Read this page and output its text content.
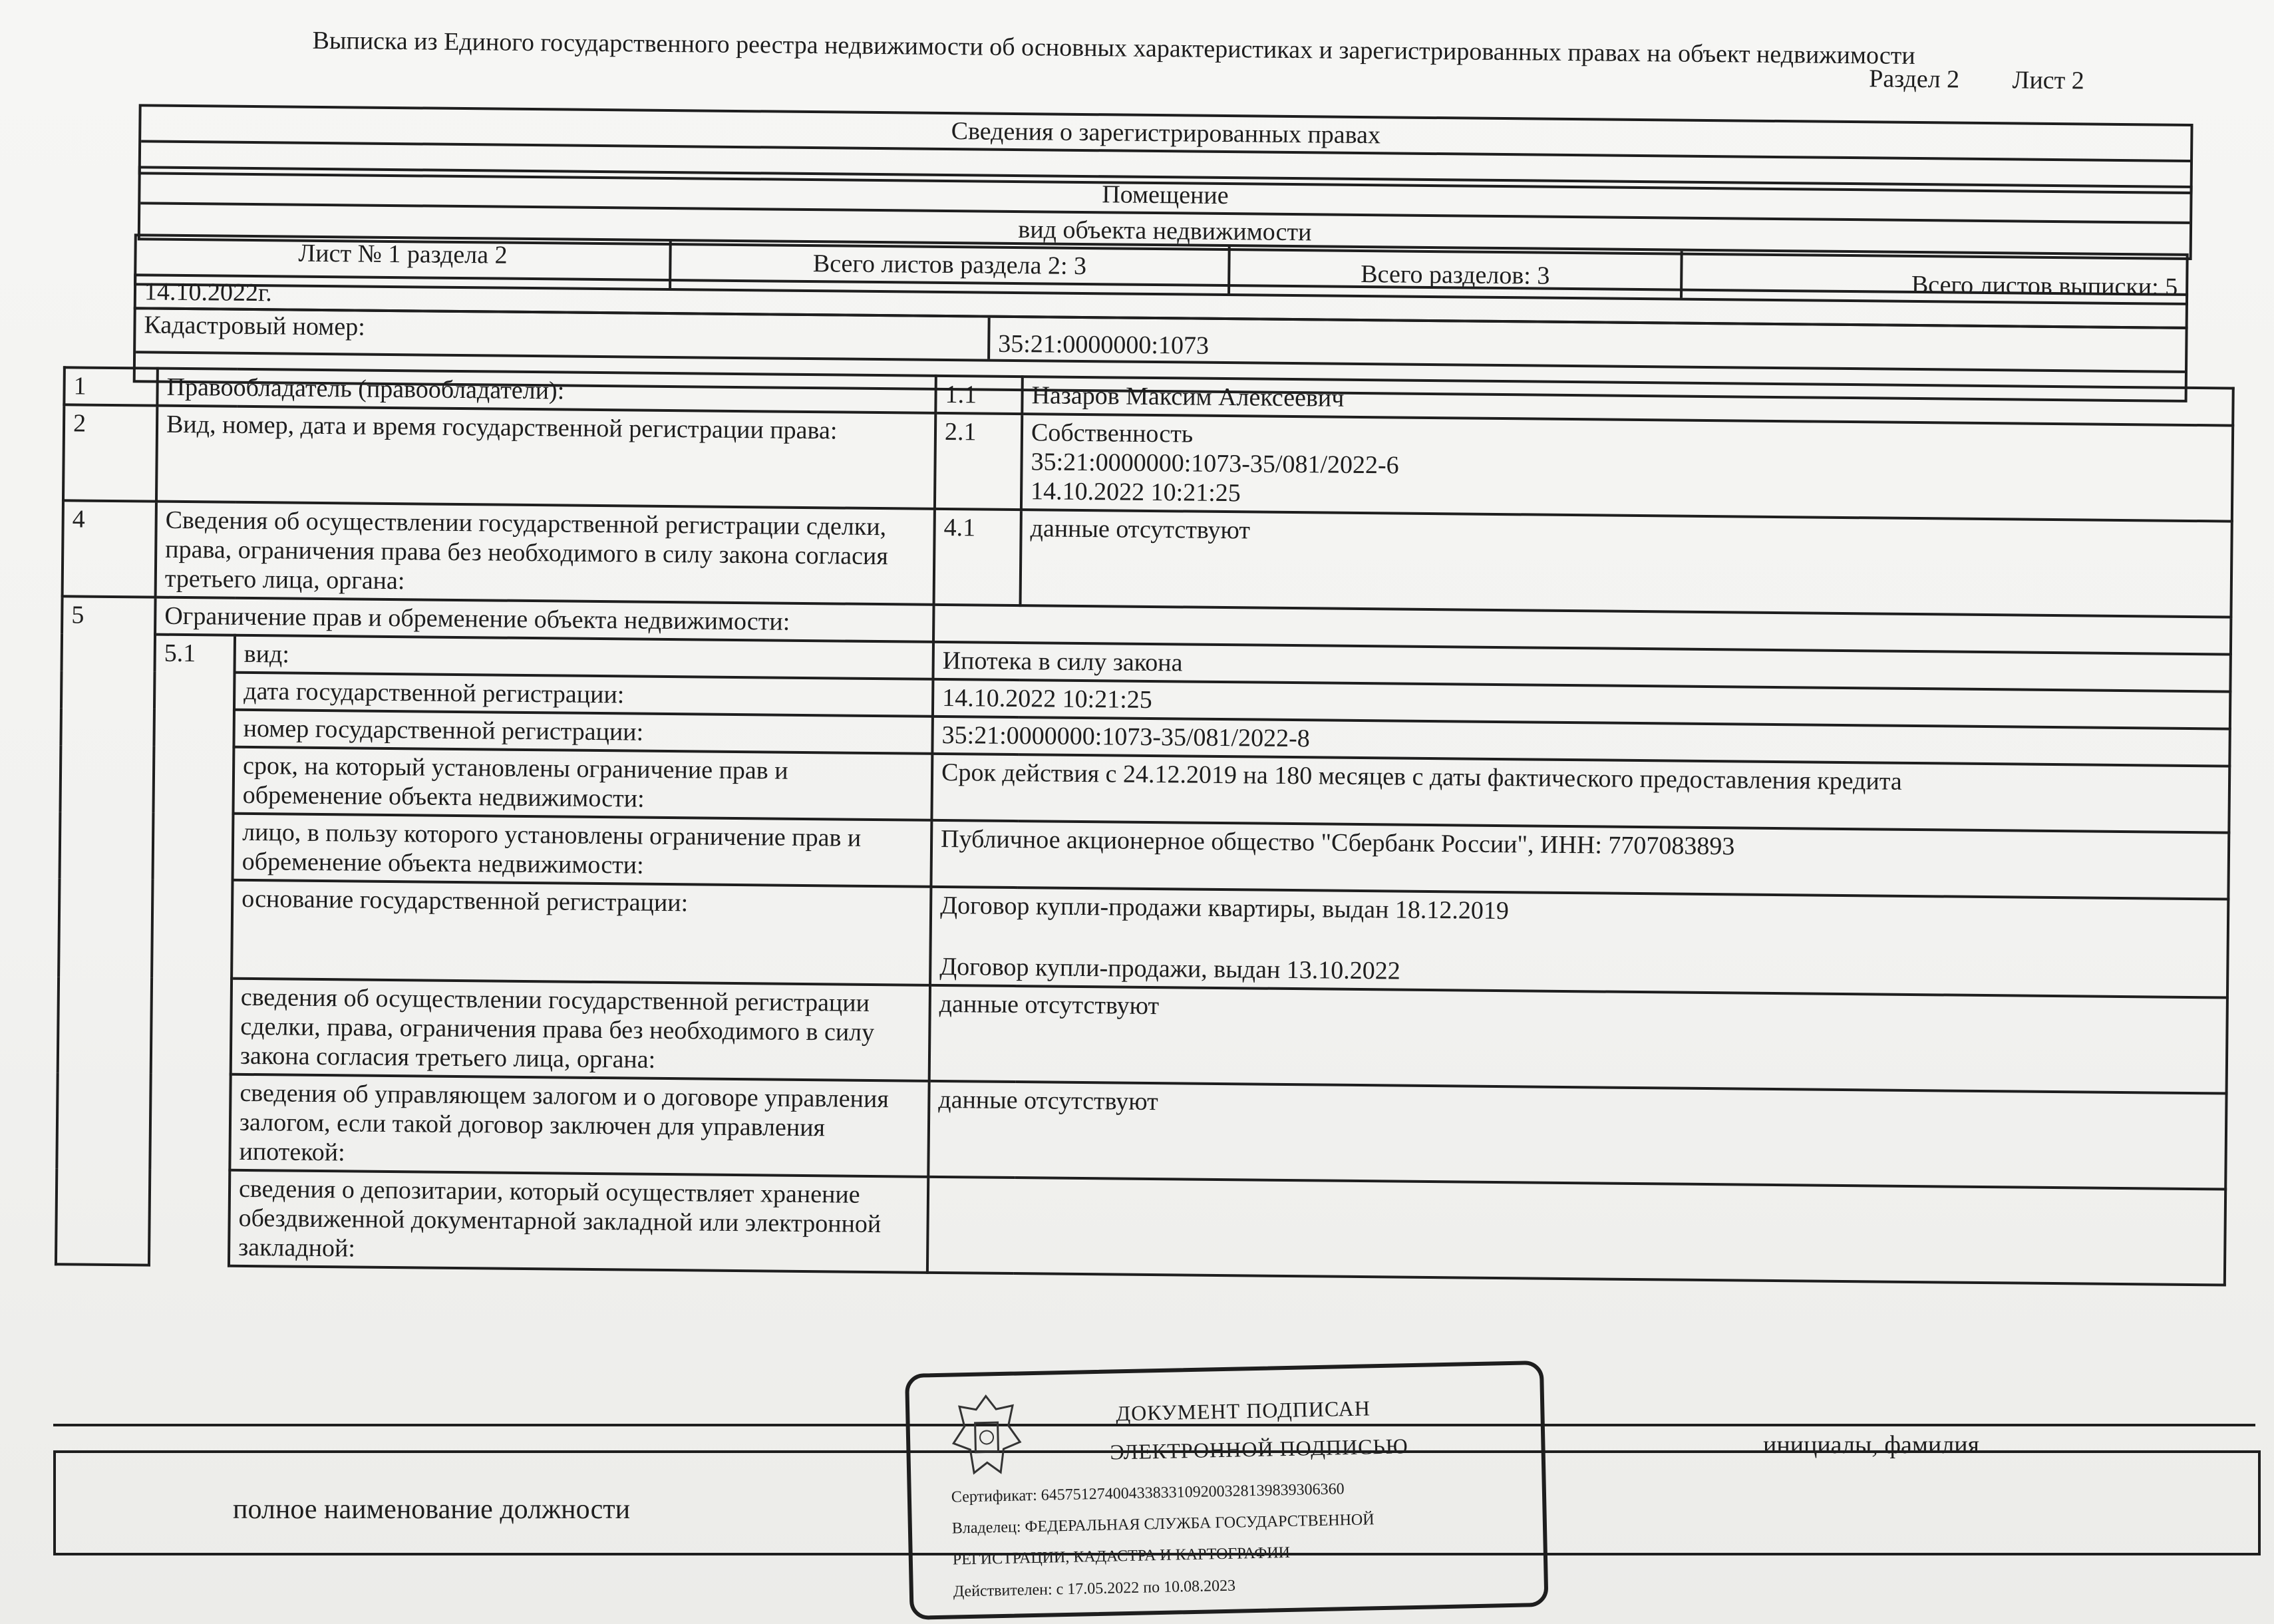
Выписка из Единого государственного реестра недвижимости об основных характеристиках и зарегистрированных правах на объект недвижимости
Раздел 2 Лист 2
Сведения о зарегистрированных правах
Помещение
вид объекта недвижимости
Лист № 1 раздела 2	Всего листов раздела 2: 3	Всего разделов: 3	Всего листов выписки: 5
14.10.2022г.
Кадастровый номер:
35:21:0000000:1073
1	Правообладатель (правообладатели):		1.1	Назаров Максим Алексеевич
2	Вид, номер, дата и время государственной регистрации права:		2.1	Собственность
35:21:0000000:1073-35/081/2022-6
14.10.2022 10:21:25

4	Сведения об осуществлении государственной регистрации сделки, права, ограничения права без необходимого в силу закона согласия третьего лица, органа:		4.1	данные отсутствуют
5	Ограничение прав и обременение объекта недвижимости:			
	5.1	вид:	Ипотека в силу закона	
		дата государственной регистрации:	14.10.2022 10:21:25	
		номер государственной регистрации:	35:21:0000000:1073-35/081/2022-8	
		срок, на который установлены ограничение прав и обременение объекта недвижимости:	Срок действия с 24.12.2019 на 180 месяцев с даты фактического предоставления кредита	
		лицо, в пользу которого установлены ограничение прав и обременение объекта недвижимости:	Публичное акционерное общество "Сбербанк России", ИНН: 7707083893	
		основание государственной регистрации:	Договор купли-продажи квартиры, выдан 18.12.2019
Договор купли-продажи, выдан 13.10.2022	

		сведения об осуществлении государственной регистрации сделки, права, ограничения права без необходимого в силу закона согласия третьего лица, органа:	данные отсутствуют	
		сведения об управляющем залогом и о договоре управления залогом, если такой договор заключен для управления ипотекой:	данные отсутствуют	
		сведения о депозитарии, который осуществляет хранение обездвиженной документарной закладной или электронной закладной:		
полное наименование должности
инициалы, фамилия
ДОКУМЕНТ ПОДПИСАН
ЭЛЕКТРОННОЙ ПОДПИСЬЮ
Сертификат: 645751274004338331092003281398393063​60
Владелец: ФЕДЕРАЛЬНАЯ СЛУЖБА ГОСУДАРСТВЕННОЙ
РЕГИСТРАЦИИ, КАДАСТРА И КАРТОГРАФИИ
Действителен: с 17.05.2022 по 10.08.2023
